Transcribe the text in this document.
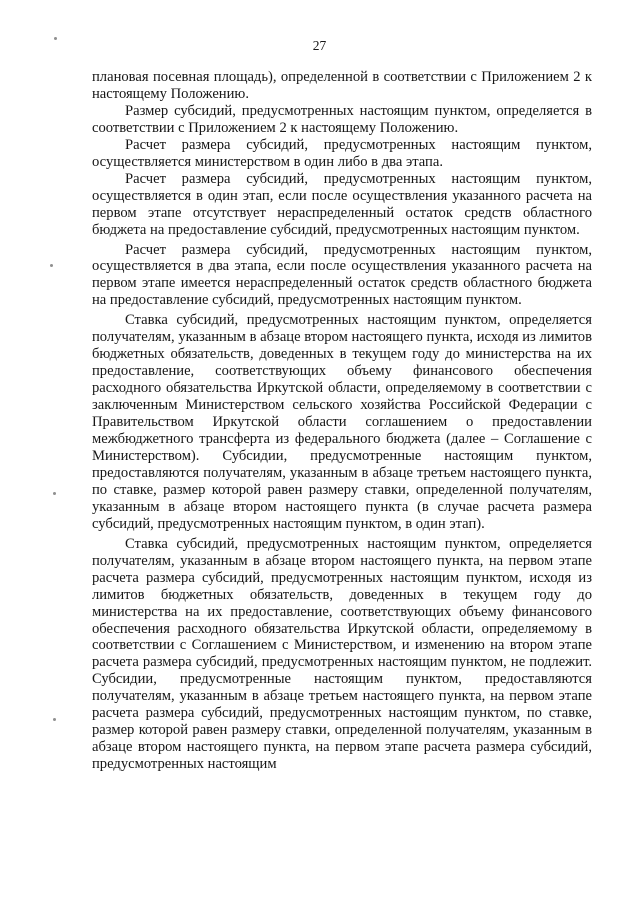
27

плановая посевная площадь), определенной в соответствии с Приложением 2 к настоящему Положению.

Размер субсидий, предусмотренных настоящим пунктом, определяется в соответствии с Приложением 2 к настоящему Положению.

Расчет размера субсидий, предусмотренных настоящим пунктом, осуществляется министерством в один либо в два этапа.

Расчет размера субсидий, предусмотренных настоящим пунктом, осуществляется в один этап, если после осуществления указанного расчета на первом этапе отсутствует нераспределенный остаток средств областного бюджета на предоставление субсидий, предусмотренных настоящим пунктом.

Расчет размера субсидий, предусмотренных настоящим пунктом, осуществляется в два этапа, если после осуществления указанного расчета на первом этапе имеется нераспределенный остаток средств областного бюджета на предоставление субсидий, предусмотренных настоящим пунктом.

Ставка субсидий, предусмотренных настоящим пунктом, определяется получателям, указанным в абзаце втором настоящего пункта, исходя из лимитов бюджетных обязательств, доведенных в текущем году до министерства на их предоставление, соответствующих объему финансового обеспечения расходного обязательства Иркутской области, определяемому в соответствии с заключенным Министерством сельского хозяйства Российской Федерации с Правительством Иркутской области соглашением о предоставлении межбюджетного трансферта из федерального бюджета (далее – Соглашение с Министерством). Субсидии, предусмотренные настоящим пунктом, предоставляются получателям, указанным в абзаце третьем настоящего пункта, по ставке, размер которой равен размеру ставки, определенной получателям, указанным в абзаце втором настоящего пункта (в случае расчета размера субсидий, предусмотренных настоящим пунктом, в один этап).

Ставка субсидий, предусмотренных настоящим пунктом, определяется получателям, указанным в абзаце втором настоящего пункта, на первом этапе расчета размера субсидий, предусмотренных настоящим пунктом, исходя из лимитов бюджетных обязательств, доведенных в текущем году до министерства на их предоставление, соответствующих объему финансового обеспечения расходного обязательства Иркутской области, определяемому в соответствии с Соглашением с Министерством, и изменению на втором этапе расчета размера субсидий, предусмотренных настоящим пунктом, не подлежит. Субсидии, предусмотренные настоящим пунктом, предоставляются получателям, указанным в абзаце третьем настоящего пункта, на первом этапе расчета размера субсидий, предусмотренных настоящим пунктом, по ставке, размер которой равен размеру ставки, определенной получателям, указанным в абзаце втором настоящего пункта, на первом этапе расчета размера субсидий, предусмотренных настоящим
